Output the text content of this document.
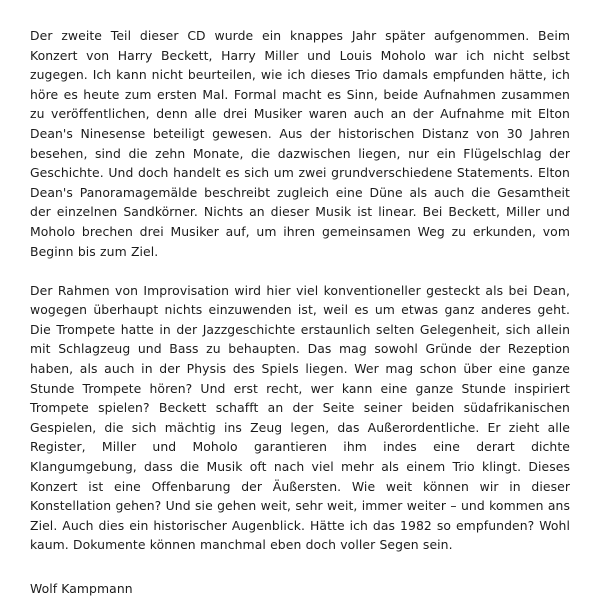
Der zweite Teil dieser CD wurde ein knappes Jahr später aufgenommen. Beim Konzert von Harry Beckett, Harry Miller und Louis Moholo war ich nicht selbst zugegen. Ich kann nicht beurteilen, wie ich dieses Trio damals empfunden hätte, ich höre es heute zum ersten Mal. Formal macht es Sinn, beide Aufnahmen zusammen zu veröffentlichen, denn alle drei Musiker waren auch an der Aufnahme mit Elton Dean's Ninesense beteiligt gewesen. Aus der historischen Distanz von 30 Jahren besehen, sind die zehn Monate, die dazwischen liegen, nur ein Flügelschlag der Geschichte. Und doch handelt es sich um zwei grundverschiedene Statements. Elton Dean's Panoramagemälde beschreibt zugleich eine Düne als auch die Gesamtheit der einzelnen Sandkörner. Nichts an dieser Musik ist linear. Bei Beckett, Miller und Moholo brechen drei Musiker auf, um ihren gemeinsamen Weg zu erkunden, vom Beginn bis zum Ziel.

Der Rahmen von Improvisation wird hier viel konventioneller gesteckt als bei Dean, wogegen überhaupt nichts einzuwenden ist, weil es um etwas ganz anderes geht. Die Trompete hatte in der Jazzgeschichte erstaunlich selten Gelegenheit, sich allein mit Schlagzeug und Bass zu behaupten. Das mag sowohl Gründe der Rezeption haben, als auch in der Physis des Spiels liegen. Wer mag schon über eine ganze Stunde Trompete hören? Und erst recht, wer kann eine ganze Stunde inspiriert Trompete spielen? Beckett schafft an der Seite seiner beiden südafrikanischen Gespielen, die sich mächtig ins Zeug legen, das Außerordentliche. Er zieht alle Register, Miller und Moholo garantieren ihm indes eine derart dichte Klangumgebung, dass die Musik oft nach viel mehr als einem Trio klingt. Dieses Konzert ist eine Offenbarung der Äußersten. Wie weit können wir in dieser Konstellation gehen? Und sie gehen weit, sehr weit, immer weiter – und kommen ans Ziel. Auch dies ein historischer Augenblick. Hätte ich das 1982 so empfunden? Wohl kaum. Dokumente können manchmal eben doch voller Segen sein.

Wolf Kampmann
